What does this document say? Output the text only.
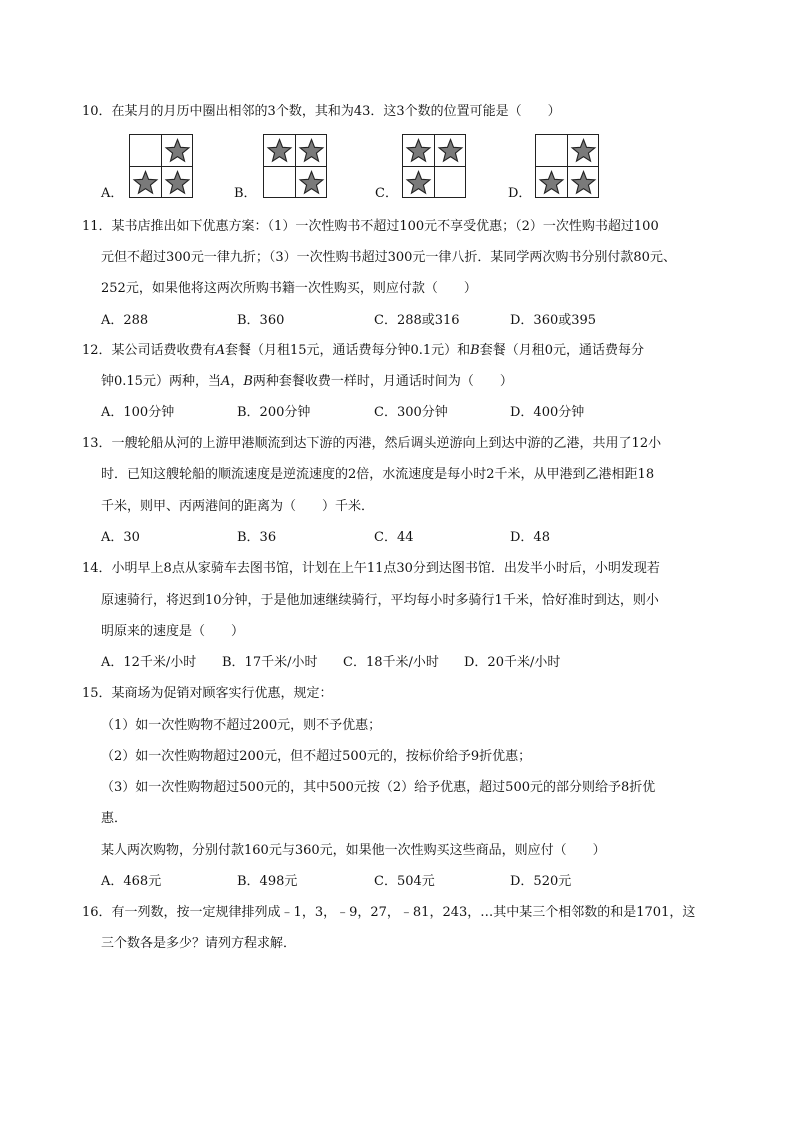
10．在某月的月历中圈出相邻的3个数，其和为43．这3个数的位置可能是（　　）
A．	B．	C．	D．
11．某书店推出如下优惠方案：（1）一次性购书不超过100元不享受优惠；（2）一次性购书超过100
元但不超过300元一律九折；（3）一次性购书超过300元一律八折．某同学两次购书分别付款80元、
252元，如果他将这两次所购书籍一次性购买，则应付款（　　）
A．288	B．360	C．288或316	D．360或395
12．某公司话费收费有A套餐（月租15元，通话费每分钟0.1元）和B套餐（月租0元，通话费每分
钟0.15元）两种，当A，B两种套餐收费一样时，月通话时间为（　　）
A．100分钟	B．200分钟	C．300分钟	D．400分钟
13．一艘轮船从河的上游甲港顺流到达下游的丙港，然后调头逆游向上到达中游的乙港，共用了12小
时．已知这艘轮船的顺流速度是逆流速度的2倍，水流速度是每小时2千米，从甲港到乙港相距18
千米，则甲、丙两港间的距离为（　　）千米．
A．30	B．36	C．44	D．48
14．小明早上8点从家骑车去图书馆，计划在上午11点30分到达图书馆．出发半小时后，小明发现若
原速骑行，将迟到10分钟，于是他加速继续骑行，平均每小时多骑行1千米，恰好准时到达，则小
明原来的速度是（　　）
A．12千米/小时 B．17千米/小时 C．18千米/小时 D．20千米/小时
15．某商场为促销对顾客实行优惠，规定：
（1）如一次性购物不超过200元，则不予优惠；
（2）如一次性购物超过200元，但不超过500元的，按标价给予9折优惠；
（3）如一次性购物超过500元的，其中500元按（2）给予优惠，超过500元的部分则给予8折优
惠．
某人两次购物，分别付款160元与360元，如果他一次性购买这些商品，则应付（　　）
A．468元	B．498元	C．504元	D．520元
16．有一列数，按一定规律排列成﹣1，3，﹣9，27，﹣81，243，…其中某三个相邻数的和是1701，这
三个数各是多少？请列方程求解．
